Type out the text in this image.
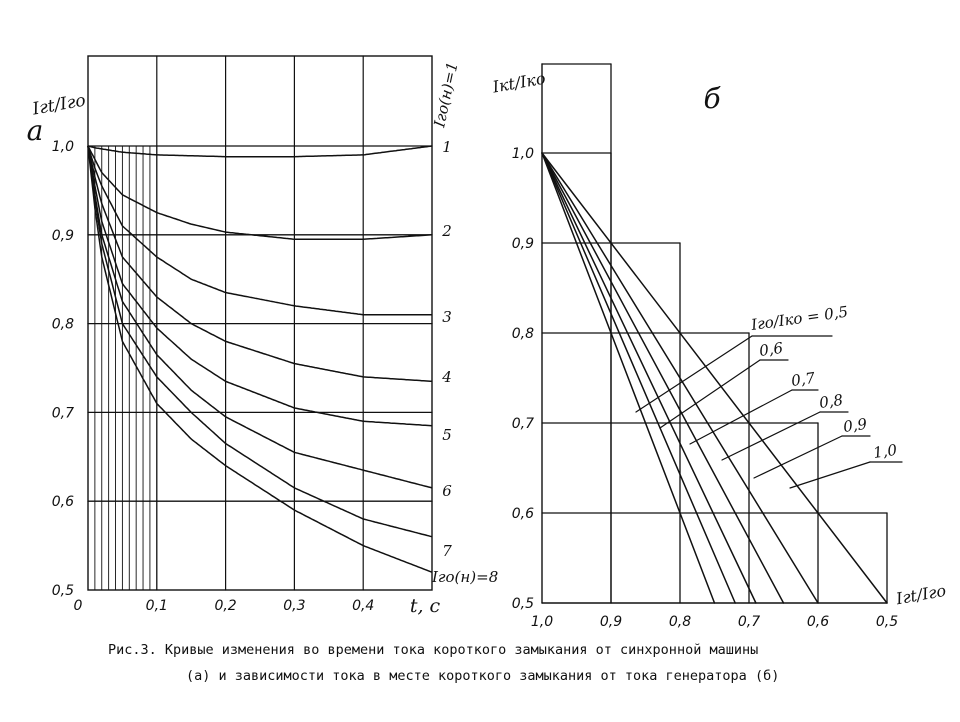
1
2
3
4
5
6
7
Iго(н)=1
Iго(н)=8
1,0
0,9
0,8
0,7
0,6
0,5
0	0,1	0,2	0,3	0,4 t, с
Iгt/Iго
а
Iго/Iко = 0,5
0,6
0,7
0,8
0,9
1,0
1,0
0,9
0,8
0,7
0,6
0,5
1,0	0,9	0,8	0,7	0,6	0,5
Iгt/Iго
Iкt/Iко	б
Рис.3. Кривые изменения во времени тока короткого замыкания от синхронной машины
(а) и зависимости тока в месте короткого замыкания от тока генератора (б)
